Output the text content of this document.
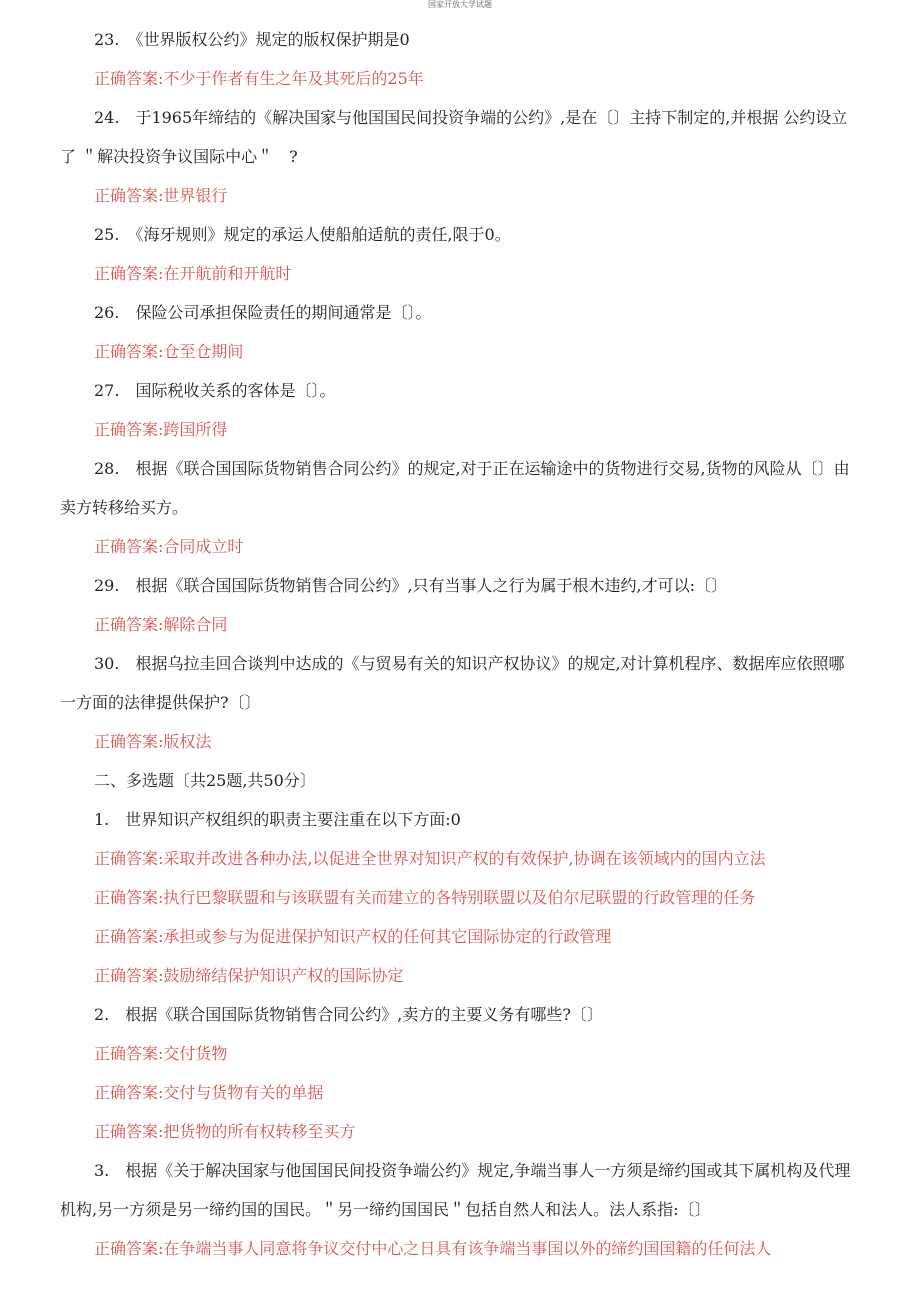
国家开放大学试题
23.　《世界版权公约》规定的版权保护期是0
正确答案:不少于作者有生之年及其死后的25年
24.　于1965年缔结的《解决国家与他国国民间投资争端的公约》,是在〔〕主持下制定的,并根据 公约设立了 ＂解决投资争议国际中心＂　?
正确答案:世界银行
25.　《海牙规则》规定的承运人使船舶适航的责任,限于0。
正确答案:在开航前和开航时
26.　保险公司承担保险责任的期间通常是〔〕。
正确答案:仓至仓期间
27.　国际税收关系的客体是〔〕。
正确答案:跨国所得
28.　根据《联合国国际货物销售合同公约》的规定,对于正在运输途中的货物进行交易,货物的风险从〔〕由卖方转移给买方。
正确答案:合同成立时
29.　根据《联合国国际货物销售合同公约》,只有当事人之行为属于根木违约,才可以:〔〕
正确答案:解除合同
30.　根据乌拉圭回合谈判中达成的《与贸易有关的知识产权协议》的规定,对计算机程序、数据库应依照哪一方面的法律提供保护?〔〕
正确答案:版权法
二、多选题〔共25题,共50分〕
1.　世界知识产权组织的职责主要注重在以下方面:0
正确答案:采取并改进各种办法,以促进全世界对知识产权的有效保护,协调在该领域内的国内立法
正确答案:执行巴黎联盟和与该联盟有关而建立的各特别联盟以及伯尔尼联盟的行政管理的任务
正确答案:承担或参与为促进保护知识产权的任何其它国际协定的行政管理
正确答案:鼓励缔结保护知识产权的国际协定
2.　根据《联合国国际货物销售合同公约》,卖方的主要义务有哪些?〔〕
正确答案:交付货物
正确答案:交付与货物有关的单据
正确答案:把货物的所有权转移至买方
3.　根据《关于解决国家与他国国民间投资争端公约》规定,争端当事人一方须是缔约国或其下属机构及代理机构,另一方须是另一缔约国的国民。＂另一缔约国国民＂包括自然人和法人。法人系指:〔〕
正确答案:在争端当事人同意将争议交付中心之日具有该争端当事国以外的缔约国国籍的任何法人
